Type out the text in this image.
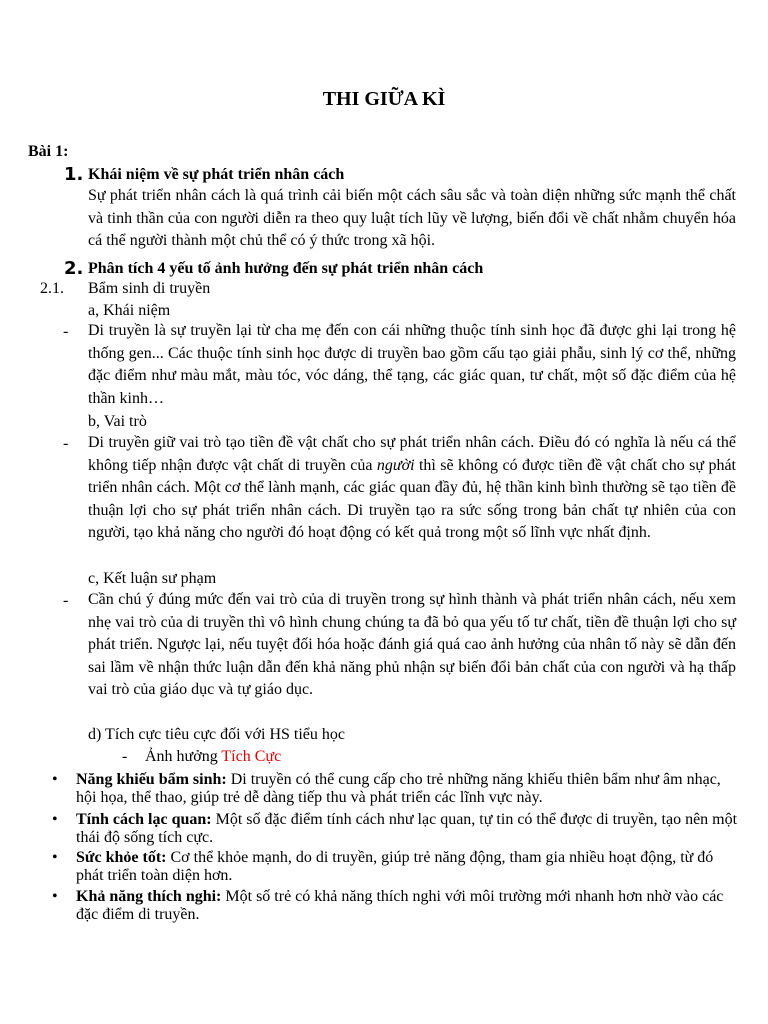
THI GIỮA KÌ
Bài 1:
1. Khái niệm về sự phát triển nhân cách
Sự phát triển nhân cách là quá trình cải biến một cách sâu sắc và toàn diện những sức mạnh thể chất và tinh thần của con người diễn ra theo quy luật tích lũy về lượng, biến đổi về chất nhằm chuyển hóa cá thể người thành một chủ thể có ý thức trong xã hội.
2. Phân tích 4 yếu tố ảnh hưởng đến sự phát triển nhân cách
2.1. Bẩm sinh di truyền
a, Khái niệm
- Di truyền là sự truyền lại từ cha mẹ đến con cái những thuộc tính sinh học đã được ghi lại trong hệ thống gen... Các thuộc tính sinh học được di truyền bao gồm cấu tạo giải phẫu, sinh lý cơ thể, những đặc điểm như màu mắt, màu tóc, vóc dáng, thể tạng, các giác quan, tư chất, một số đặc điểm của hệ thần kinh…
b, Vai trò
- Di truyền giữ vai trò tạo tiền đề vật chất cho sự phát triển nhân cách. Điều đó có nghĩa là nếu cá thể không tiếp nhận được vật chất di truyền của người thì sẽ không có được tiền đề vật chất cho sự phát triển nhân cách. Một cơ thể lành mạnh, các giác quan đầy đủ, hệ thần kinh bình thường sẽ tạo tiền đề thuận lợi cho sự phát triển nhân cách. Di truyền tạo ra sức sống trong bản chất tự nhiên của con người, tạo khả năng cho người đó hoạt động có kết quả trong một số lĩnh vực nhất định.
c, Kết luận sư phạm
- Cần chú ý đúng mức đến vai trò của di truyền trong sự hình thành và phát triển nhân cách, nếu xem nhẹ vai trò của di truyền thì vô hình chung chúng ta đã bỏ qua yếu tố tư chất, tiền đề thuận lợi cho sự phát triển. Ngược lại, nếu tuyệt đối hóa hoặc đánh giá quá cao ảnh hưởng của nhân tố này sẽ dẫn đến sai lầm về nhận thức luận dẫn đến khả năng phủ nhận sự biến đổi bản chất của con người và hạ thấp vai trò của giáo dục và tự giáo dục.
d) Tích cực tiêu cực đối với HS tiểu học
- Ảnh hưởng Tích Cực
• Năng khiếu bẩm sinh: Di truyền có thể cung cấp cho trẻ những năng khiếu thiên bẩm như âm nhạc, hội họa, thể thao, giúp trẻ dễ dàng tiếp thu và phát triển các lĩnh vực này.
• Tính cách lạc quan: Một số đặc điểm tính cách như lạc quan, tự tin có thể được di truyền, tạo nên một thái độ sống tích cực.
• Sức khỏe tốt: Cơ thể khỏe mạnh, do di truyền, giúp trẻ năng động, tham gia nhiều hoạt động, từ đó phát triển toàn diện hơn.
• Khả năng thích nghi: Một số trẻ có khả năng thích nghi với môi trường mới nhanh hơn nhờ vào các đặc điểm di truyền.
